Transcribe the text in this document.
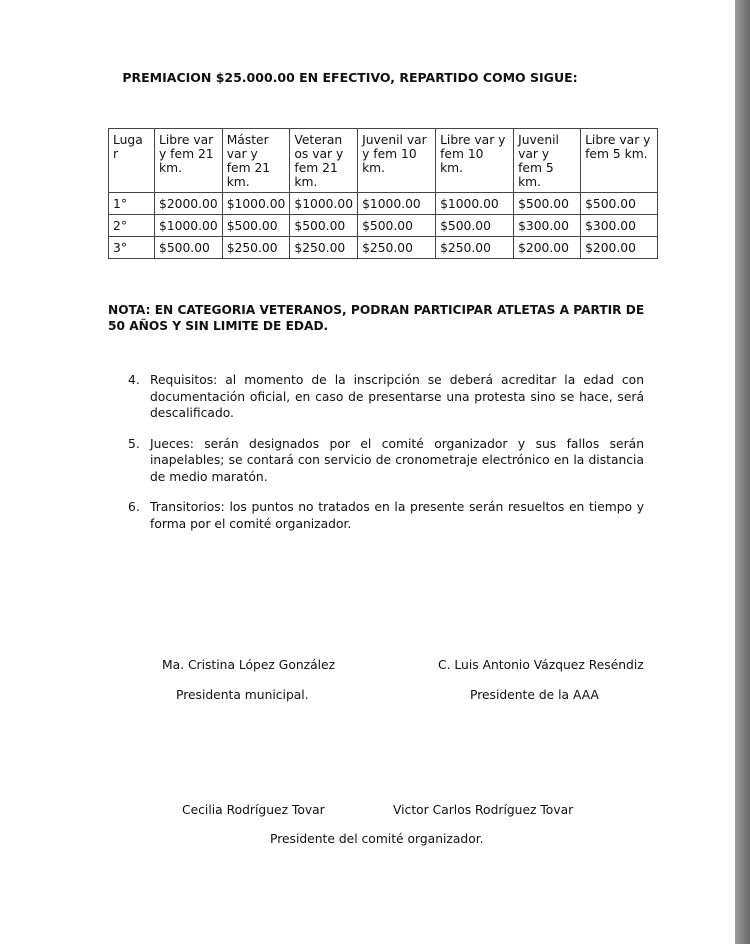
PREMIACION $25.000.00 EN EFECTIVO, REPARTIDO COMO SIGUE:
Luga r	Libre var y fem 21 km.	Máster var y fem 21 km.	Veteran os var y fem 21 km.	Juvenil var y fem 10 km.	Libre var y fem 10 km.	Juvenil var y fem 5 km.	Libre var y fem 5 km.
1°	$2000.00	$1000.00	$1000.00	$1000.00	$1000.00	$500.00	$500.00
2°	$1000.00	$500.00	$500.00	$500.00	$500.00	$300.00	$300.00
3°	$500.00	$250.00	$250.00	$250.00	$250.00	$200.00	$200.00
NOTA: EN CATEGORIA VETERANOS, PODRAN PARTICIPAR ATLETAS A PARTIR DE 50 AÑOS Y SIN LIMITE DE EDAD.
4. Requisitos: al momento de la inscripción se deberá acreditar la edad con documentación oficial, en caso de presentarse una protesta sino se hace, será descalificado.
5. Jueces: serán designados por el comité organizador y sus fallos serán inapelables; se contará con servicio de cronometraje electrónico en la distancia de medio maratón.
6. Transitorios: los puntos no tratados en la presente serán resueltos en tiempo y forma por el comité organizador.
Ma. Cristina López González
Presidenta municipal.
C. Luis Antonio Vázquez Reséndiz
Presidente de la AAA
Cecilia Rodríguez Tovar	Victor Carlos Rodríguez Tovar
Presidente del comité organizador.
